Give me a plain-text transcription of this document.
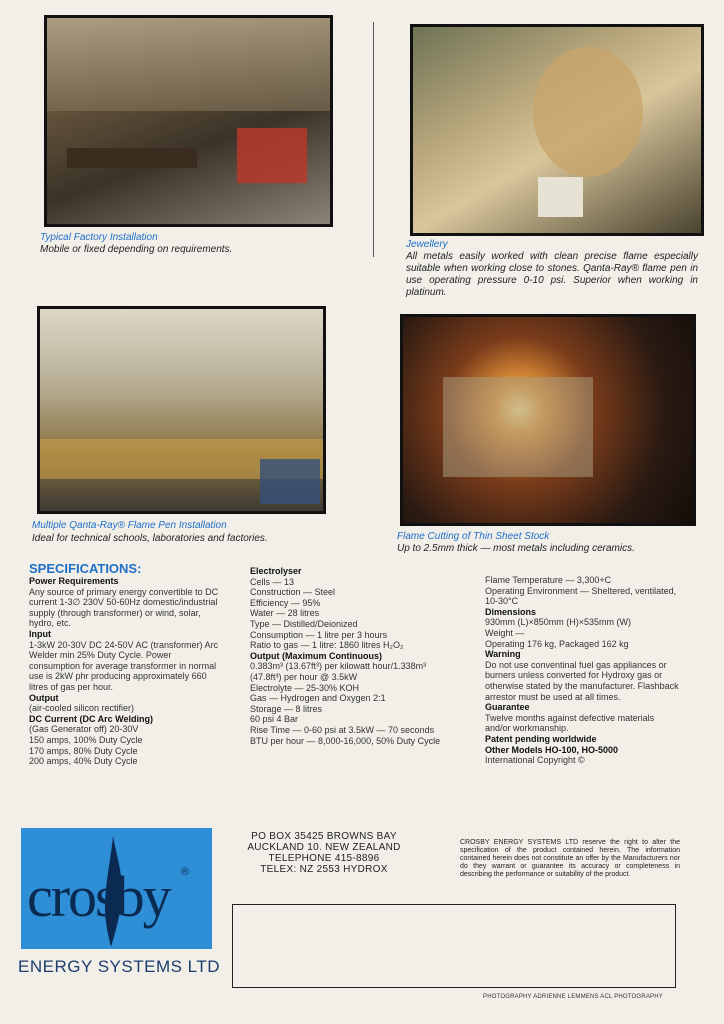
Typical Factory Installation
Mobile or fixed depending on requirements.	Jewellery
All metals easily worked with clean precise flame especially suitable when working close to stones. Qanta-Ray® flame pen in use operating pressure 0-10 psi. Superior when working in platinum.
Multiple Qanta-Ray® Flame Pen Installation
Ideal for technical schools, laboratories and factories.	Flame Cutting of Thin Sheet Stock
Up to 2.5mm thick — most metals including ceramics.
SPECIFICATIONS:
Power Requirements
Any source of primary energy convertible to DC current 1-3∅ 230V 50-60Hz domestic/industrial supply (through transformer) or wind, solar, hydro, etc.
Input
1-3kW 20-30V DC 24-50V AC (transformer) Arc Welder min 25% Duty Cycle. Power consumption for average transformer in normal use is 2kW phr producing approximately 660 litres of gas per hour.
Output
(air-cooled silicon rectifier)
DC Current (DC Arc Welding)
(Gas Generator off) 20-30V
150 amps, 100% Duty Cycle
170 amps, 80% Duty Cycle
200 amps, 40% Duty Cycle
Electrolyser
Cells — 13
Construction — Steel
Efficiency — 95%
Water — 28 litres
Type — Distilled/Deionized
Consumption — 1 litre per 3 hours
Ratio to gas — 1 litre: 1860 litres H₂O₂
Output (Maximum Continuous)
0.383m³ (13.67ft³) per kilowatt hour/1.338m³ (47.8ft³) per hour @ 3.5kW
Electrolyte — 25-30% KOH
Gas — Hydrogen and Oxygen 2:1
Storage — 8 litres
60 psi 4 Bar
Rise Time — 0-60 psi at 3.5kW — 70 seconds
BTU per hour — 8,000-16,000, 50% Duty Cycle
Flame Temperature — 3,300+C
Operating Environment — Sheltered, ventilated, 10-30°C
Dimensions
930mm (L)×850mm (H)×535mm (W)
Weight —
Operating 176 kg, Packaged 162 kg
Warning
Do not use conventinal fuel gas appliances or burners unless converted for Hydroxy gas or otherwise stated by the manufacturer. Flashback arrestor must be used at all times.
Guarantee
Twelve months against defective materials and/or workmanship.
Patent pending worldwide
Other Models HO-100, HO-5000
International Copyright ©
crosby ®
ENERGY SYSTEMS LTD
PO BOX 35425 BROWNS BAY
AUCKLAND 10. NEW ZEALAND
TELEPHONE 415-8896
TELEX: NZ 2553 HYDROX
CROSBY ENERGY SYSTEMS LTD reserve the right to alter the specification of the product contained herein. The information contained herein does not constitute an offer by the Manufacturers nor do they warrant or guarantee its accuracy or completeness in describing the performance or suitability of the product.
PHOTOGRAPHY ADRIENNE LEMMENS ACL PHOTOGRAPHY
